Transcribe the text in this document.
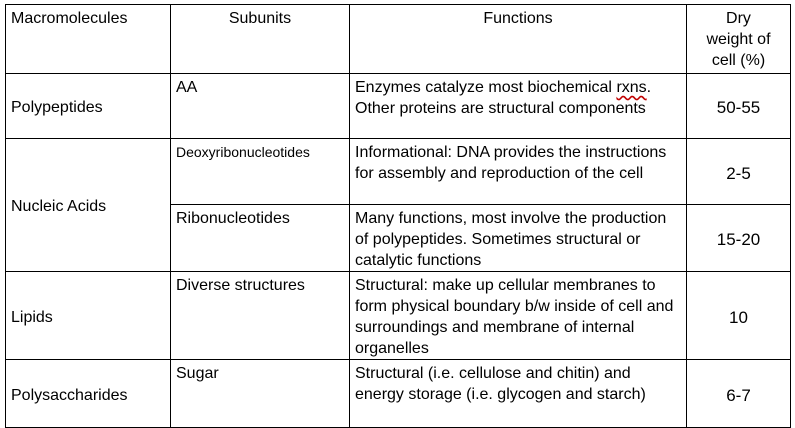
Macromolecules	Subunits	Functions	Dry
weight of
cell (%)

Polypeptides	AA	Enzymes catalyze most biochemical rxns. Other proteins are structural components	50-55
Nucleic Acids	Deoxyribonucleotides	Informational: DNA provides the instructions for assembly and reproduction of the cell	2-5
	Ribonucleotides	Many functions, most involve the production of polypeptides. Sometimes structural or catalytic functions	15-20
Lipids	Diverse structures	Structural: make up cellular membranes to form physical boundary b/w inside of cell and surroundings and membrane of internal organelles	10
Polysaccharides	Sugar	Structural (i.e. cellulose and chitin) and energy storage (i.e. glycogen and starch)	6-7
